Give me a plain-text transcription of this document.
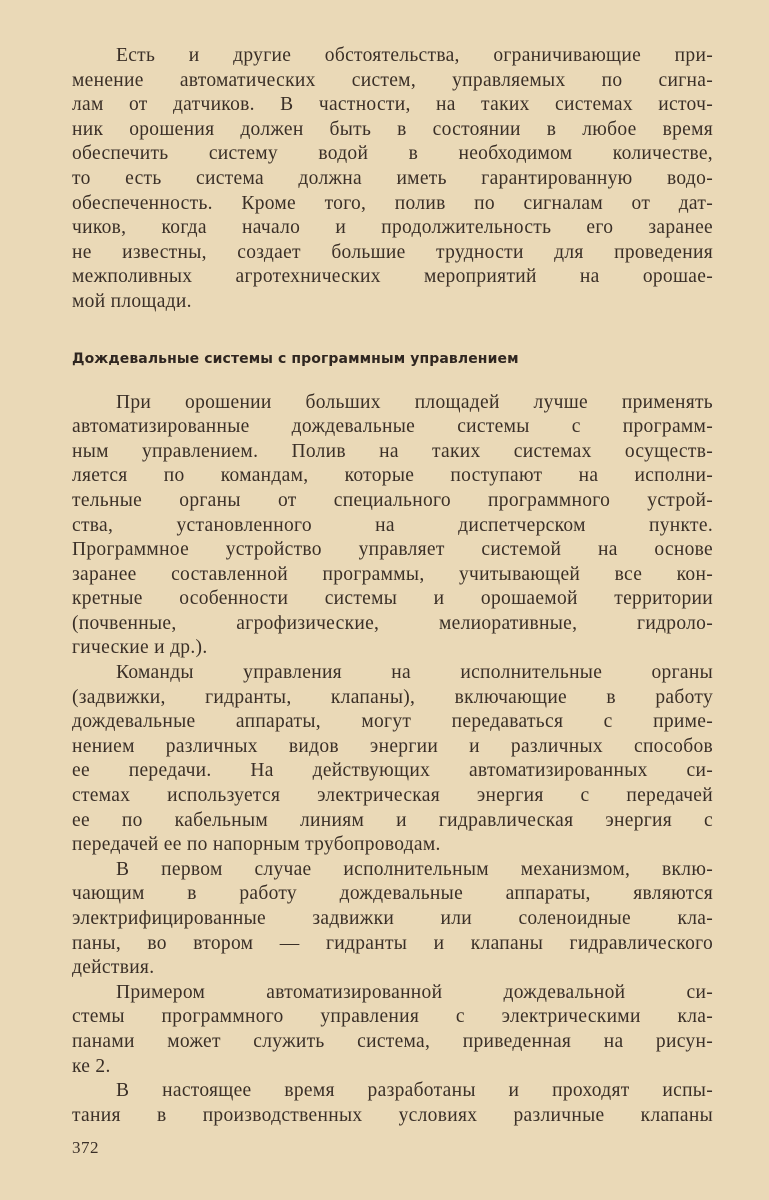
Есть и другие обстоятельства, ограничивающие при-
менение автоматических систем, управляемых по сигна-
лам от датчиков. В частности, на таких системах источ-
ник орошения должен быть в состоянии в любое время
обеспечить систему водой в необходимом количестве,
то есть система должна иметь гарантированную водо-
обеспеченность. Кроме того, полив по сигналам от дат-
чиков, когда начало и продолжительность его заранее
не известны, создает большие трудности для проведения
межполивных агротехнических мероприятий на орошае-
мой площади.
Дождевальные системы с программным управлением
При орошении больших площадей лучше применять
автоматизированные дождевальные системы с программ-
ным управлением. Полив на таких системах осуществ-
ляется по командам, которые поступают на исполни-
тельные органы от специального программного устрой-
ства, установленного на диспетчерском пункте.
Программное устройство управляет системой на основе
заранее составленной программы, учитывающей все кон-
кретные особенности системы и орошаемой территории
(почвенные, агрофизические, мелиоративные, гидроло-
гические и др.).
Команды управления на исполнительные органы
(задвижки, гидранты, клапаны), включающие в работу
дождевальные аппараты, могут передаваться с приме-
нением различных видов энергии и различных способов
ее передачи. На действующих автоматизированных си-
стемах используется электрическая энергия с передачей
ее по кабельным линиям и гидравлическая энергия с
передачей ее по напорным трубопроводам.
В первом случае исполнительным механизмом, вклю-
чающим в работу дождевальные аппараты, являются
электрифицированные задвижки или соленоидные кла-
паны, во втором — гидранты и клапаны гидравлического
действия.
Примером автоматизированной дождевальной си-
стемы программного управления с электрическими кла-
панами может служить система, приведенная на рисун-
ке 2.
В настоящее время разработаны и проходят испы-
тания в производственных условиях различные клапаны
372
